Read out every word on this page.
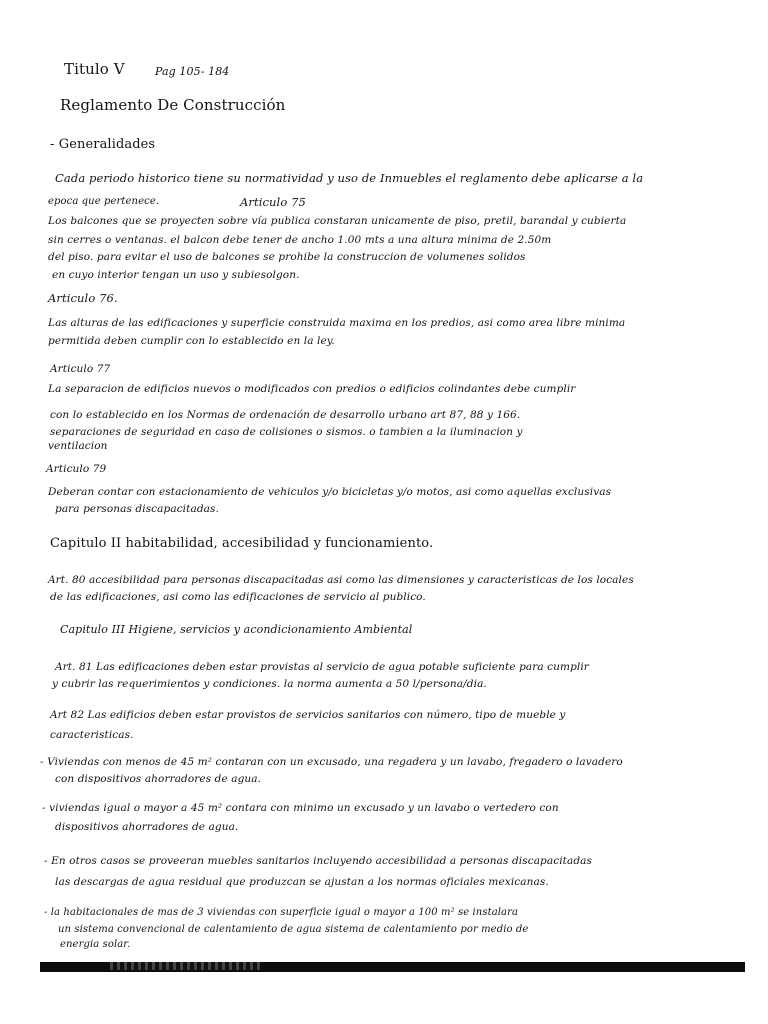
Titulo V	Pag 105- 184
Reglamento De Construcción
- Generalidades
Cada periodo historico tiene su normatividad y uso de Inmuebles el reglamento debe aplicarse a la
epoca que pertenece.	Articulo 75
Los balcones que se proyecten sobre vía publica constaran unicamente de piso, pretil, barandal y cubierta
sin cerres o ventanas. el balcon debe tener de ancho 1.00 mts a una altura minima de 2.50m
del piso. para evitar el uso de balcones se prohibe la construccion de volumenes solidos
en cuyo interior tengan un uso y subiesolgon.
Articulo 76.
Las alturas de las edificaciones y superficie construida maxima en los predios, asi como area libre minima
permitida deben cumplir con lo establecido en la ley.
Articulo 77
La separacion de edificios nuevos o modificados con predios o edificios colindantes debe cumplir
con lo establecido en los Normas de ordenación de desarrollo urbano art 87, 88 y 166.
separaciones de seguridad en caso de colisiones o sismos. o tambien a la iluminacion y
ventilacion
Articulo 79
Deberan contar con estacionamiento de vehiculos y/o bicicletas y/o motos, asi como aquellas exclusivas
para personas discapacitadas.
Capitulo II habitabilidad, accesibilidad y funcionamiento.
Art. 80 accesibilidad para personas discapacitadas asi como las dimensiones y caracteristicas de los locales
de las edificaciones, asi como las edificaciones de servicio al publico.
Capitulo III Higiene, servicios y acondicionamiento Ambiental
Art. 81 Las edificaciones deben estar provistas al servicio de agua potable suficiente para cumplir
y cubrir las requerimientos y condiciones. la norma aumenta a 50 l/persona/dia.
Art 82 Las edificios deben estar provistos de servicios sanitarios con número, tipo de mueble y
caracteristicas.
- Viviendas con menos de 45 m² contaran con un excusado, una regadera y un lavabo, fregadero o lavadero
con dispositivos ahorradores de agua.
- viviendas igual o mayor a 45 m² contara con minimo un excusado y un lavabo o vertedero con
dispositivos ahorradores de agua.
- En otros casos se proveeran muebles sanitarios incluyendo accesibilidad a personas discapacitadas
las descargas de agua residual que produzcan se ajustan a los normas oficiales mexicanas.
- la habitacionales de mas de 3 viviendas con superficie igual o mayor a 100 m² se instalara
un sistema convencional de calentamiento de agua sistema de calentamiento por medio de
energia solar.
